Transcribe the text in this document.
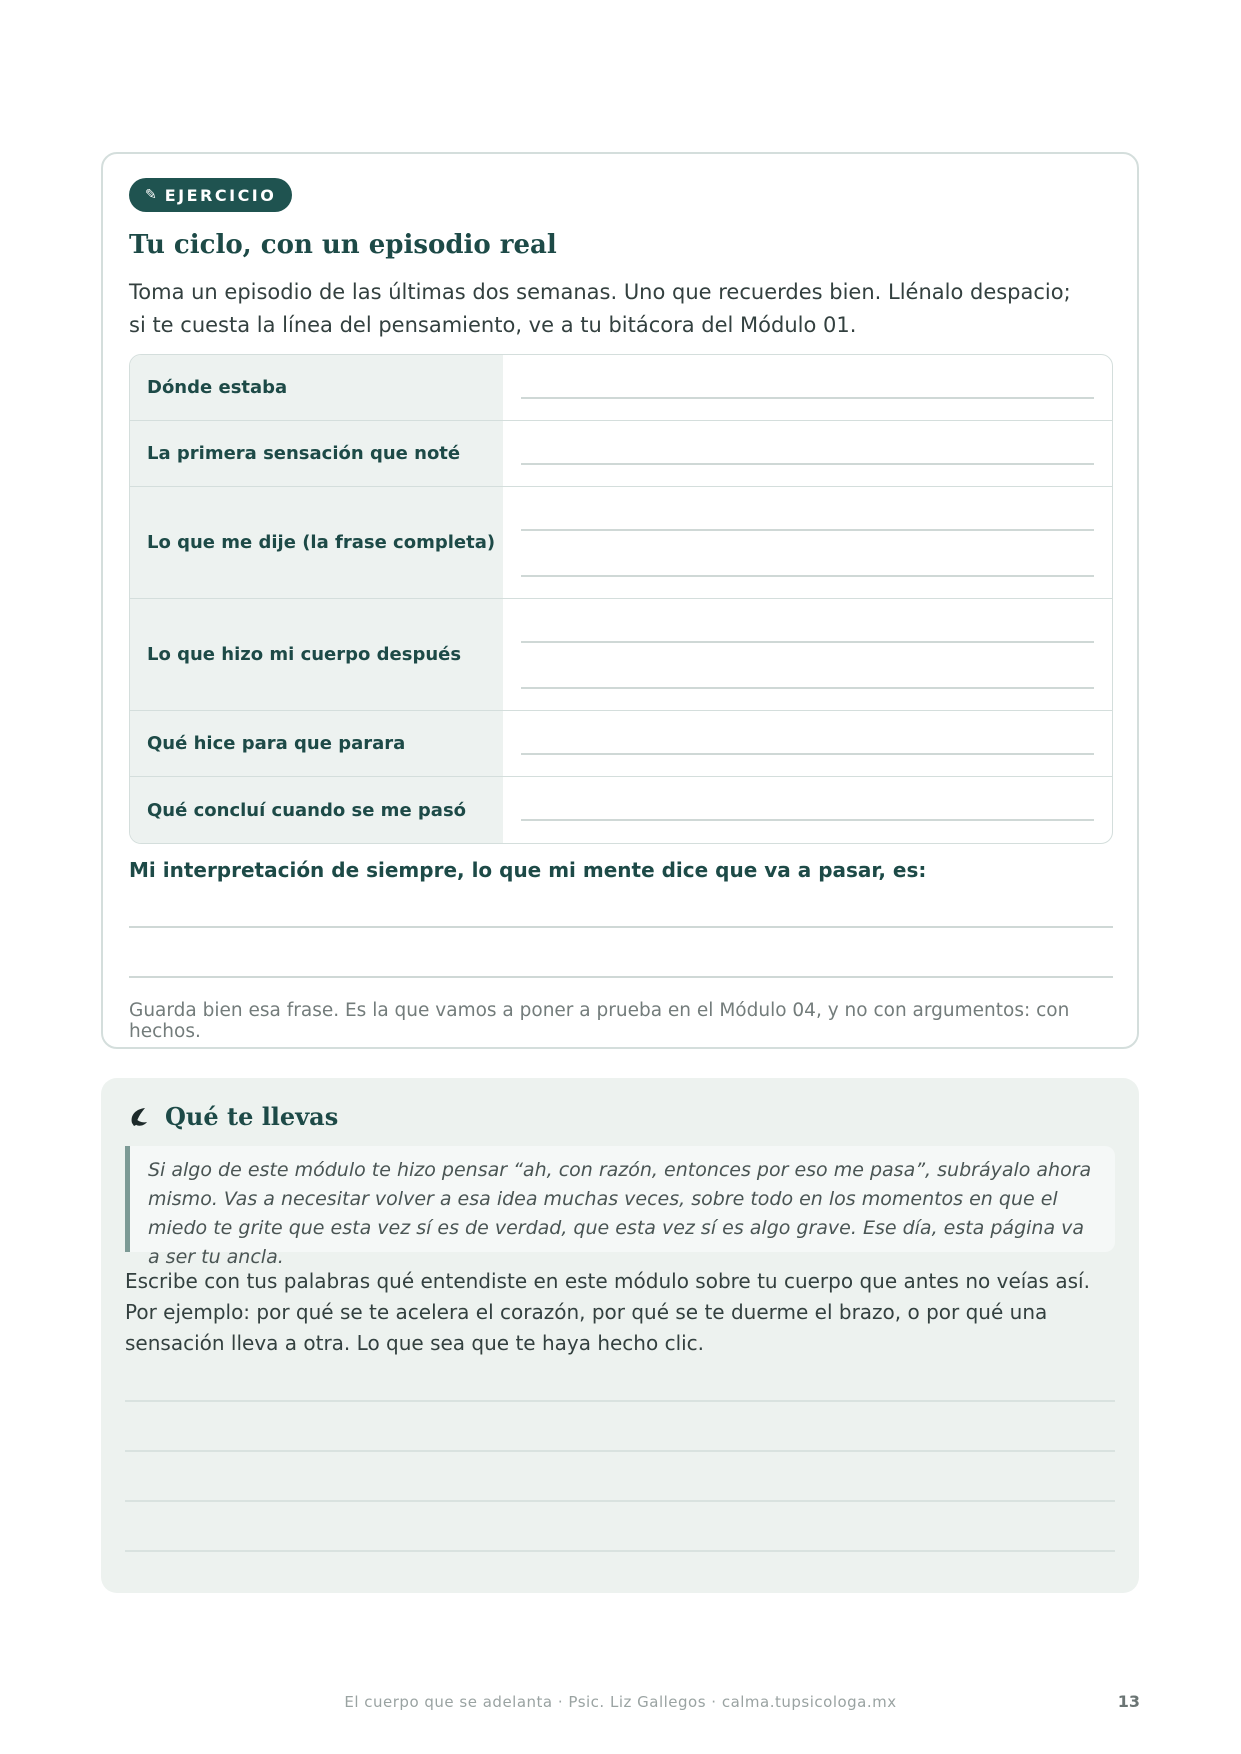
✎ EJERCICIO
Tu ciclo, con un episodio real

Toma un episodio de las últimas dos semanas. Uno que recuerdes bien. Llénalo despacio; si te cuesta la línea del pensamiento, ve a tu bitácora del Módulo 01.

Dónde estaba
La primera sensación que noté
Lo que me dije (la frase completa)
Lo que hizo mi cuerpo después
Qué hice para que parara
Qué concluí cuando se me pasó

Mi interpretación de siempre, lo que mi mente dice que va a pasar, es:

Guarda bien esa frase. Es la que vamos a poner a prueba en el Módulo 04, y no con argumentos: con hechos.

Qué te llevas

Si algo de este módulo te hizo pensar “ah, con razón, entonces por eso me pasa”, subráyalo ahora mismo. Vas a necesitar volver a esa idea muchas veces, sobre todo en los momentos en que el miedo te grite que esta vez sí es de verdad, que esta vez sí es algo grave. Ese día, esta página va a ser tu ancla.

Escribe con tus palabras qué entendiste en este módulo sobre tu cuerpo que antes no veías así. Por ejemplo: por qué se te acelera el corazón, por qué se te duerme el brazo, o por qué una sensación lleva a otra. Lo que sea que te haya hecho clic.

El cuerpo que se adelanta · Psic. Liz Gallegos · calma.tupsicologa.mx	13
